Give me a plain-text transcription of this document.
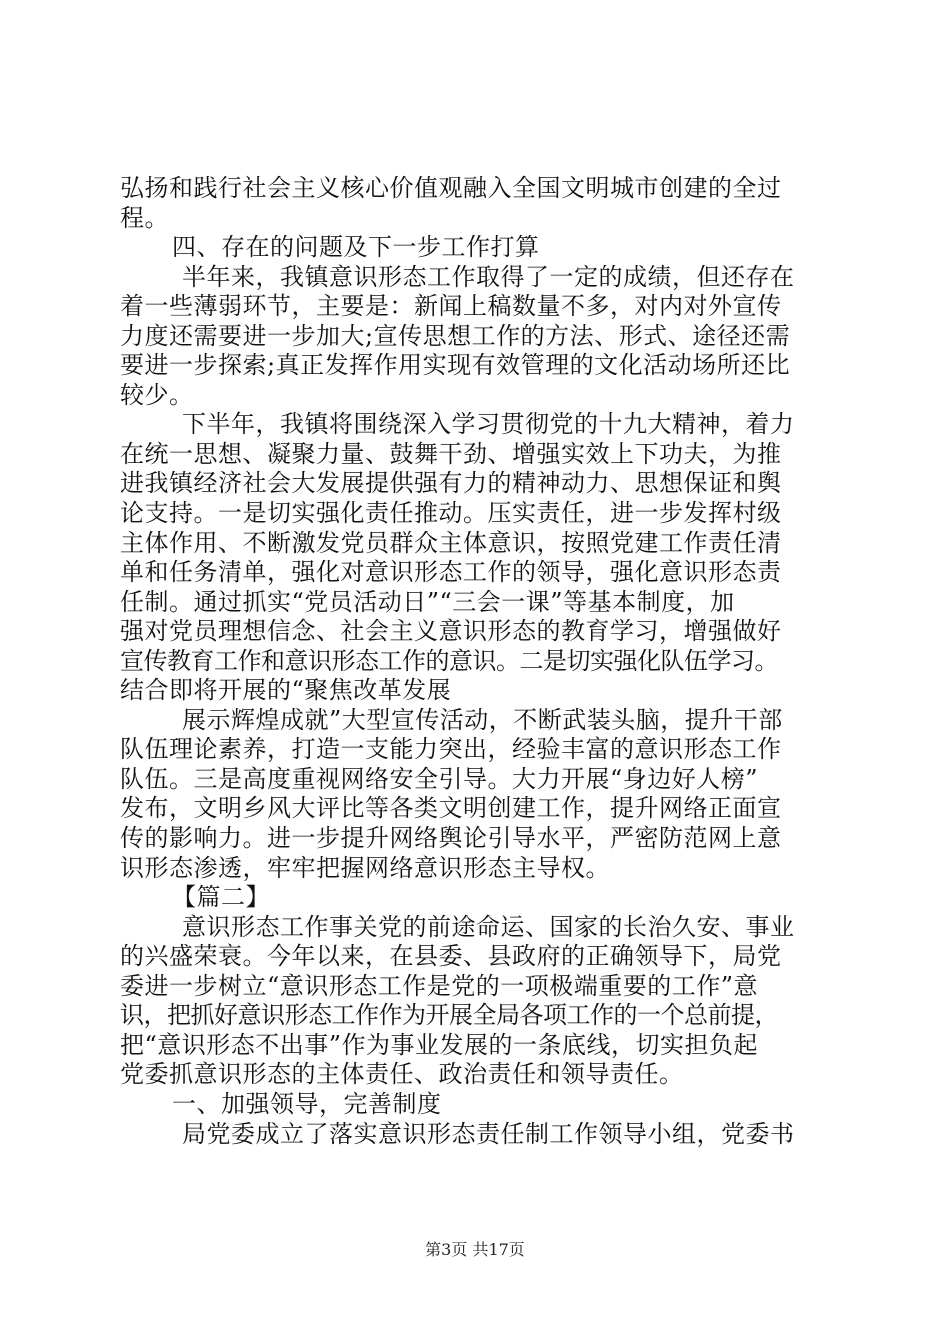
弘扬和践行社会主义核心价值观融入全国文明城市创建的全过
程。
四、存在的问题及下一步工作打算
半年来，我镇意识形态工作取得了一定的成绩，但还存在
着一些薄弱环节，主要是：新闻上稿数量不多，对内对外宣传
力度还需要进一步加大;宣传思想工作的方法、形式、途径还需
要进一步探索;真正发挥作用实现有效管理的文化活动场所还比
较少。
下半年，我镇将围绕深入学习贯彻党的十九大精神，着力
在统一思想、凝聚力量、鼓舞干劲、增强实效上下功夫，为推
进我镇经济社会大发展提供强有力的精神动力、思想保证和舆
论支持。一是切实强化责任推动。压实责任，进一步发挥村级
主体作用、不断激发党员群众主体意识，按照党建工作责任清
单和任务清单，强化对意识形态工作的领导，强化意识形态责
任制。通过抓实“党员活动日”“三会一课”等基本制度，加
强对党员理想信念、社会主义意识形态的教育学习，增强做好
宣传教育工作和意识形态工作的意识。二是切实强化队伍学习。
结合即将开展的“聚焦改革发展
展示辉煌成就”大型宣传活动，不断武装头脑，提升干部
队伍理论素养，打造一支能力突出，经验丰富的意识形态工作
队伍。三是高度重视网络安全引导。大力开展“身边好人榜”
发布，文明乡风大评比等各类文明创建工作，提升网络正面宣
传的影响力。进一步提升网络舆论引导水平，严密防范网上意
识形态渗透，牢牢把握网络意识形态主导权。
【篇二】
意识形态工作事关党的前途命运、国家的长治久安、事业
的兴盛荣衰。今年以来，在县委、县政府的正确领导下，局党
委进一步树立“意识形态工作是党的一项极端重要的工作”意
识，把抓好意识形态工作作为开展全局各项工作的一个总前提，
把“意识形态不出事”作为事业发展的一条底线，切实担负起
党委抓意识形态的主体责任、政治责任和领导责任。
一、加强领导，完善制度
局党委成立了落实意识形态责任制工作领导小组，党委书
第3页 共17页
